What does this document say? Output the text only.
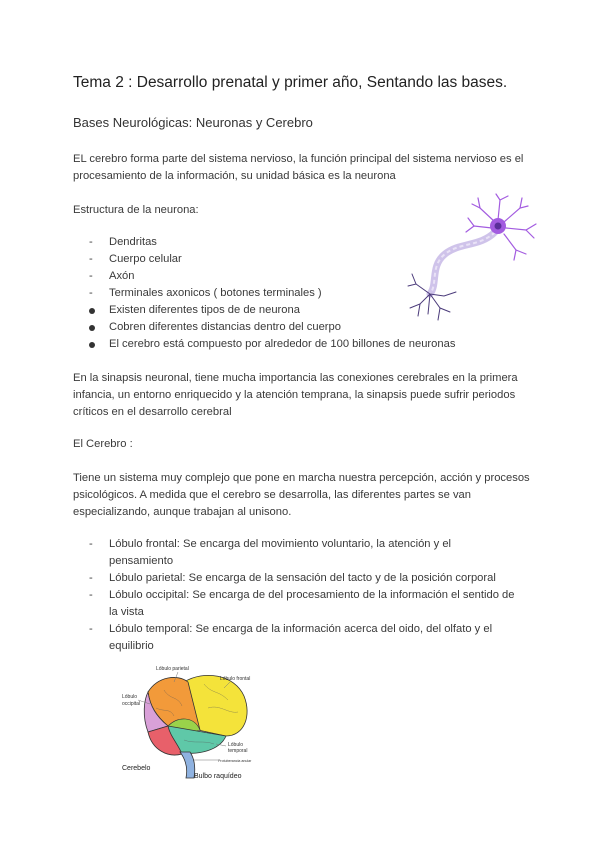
Tema 2 : Desarrollo prenatal y primer año, Sentando las bases.
Bases Neurológicas: Neuronas y Cerebro

EL cerebro forma parte del sistema nervioso, la función principal del sistema nervioso es el procesamiento de la información, su unidad básica es la neurona

Estructura de la neurona:

-	Dendritas
-	Cuerpo celular
-	Axón
-	Terminales axonicos ( botones terminales )
Existen diferentes tipos de de neurona
Cobren diferentes distancias dentro del cuerpo
El cerebro está compuesto por alrededor de 100 billones de neuronas

En la sinapsis neuronal, tiene mucha importancia las conexiones cerebrales en la primera infancia, un entorno enriquecido y la atención temprana, la sinapsis puede sufrir periodos críticos en el desarrollo cerebral

El Cerebro :

Tiene un sistema muy complejo que pone en marcha nuestra percepción, acción y procesos psicológicos. A medida que el cerebro se desarrolla, las diferentes partes se van especializando, aunque trabajan al unisono.

-	Lóbulo frontal: Se encarga del movimiento voluntario, la atención y el pensamiento
-	Lóbulo parietal: Se encarga de la sensación del tacto y de la posición corporal
-	Lóbulo occipital: Se encarga de del procesamiento de la información el sentido de la vista
-	Lóbulo temporal: Se encarga de la información acerca del oido, del olfato y el equilibrio
Lóbulo parietal
Lóbulo frontal
Lóbulo
occipital
Lóbulo
temporal
Protuberancia anular
Cerebelo
Bulbo raquídeo
